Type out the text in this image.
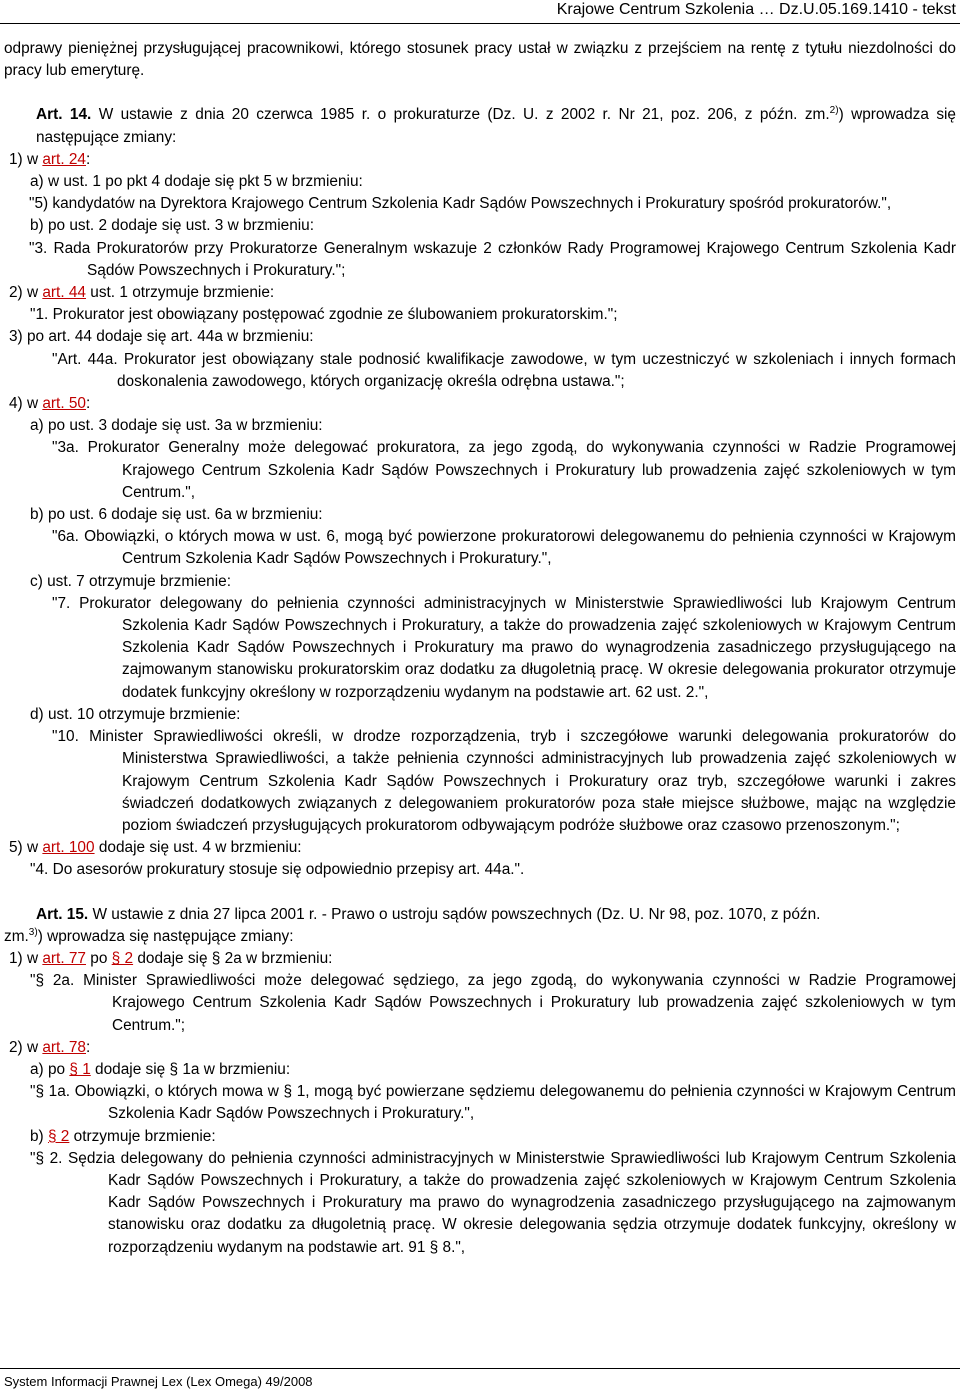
Krajowe Centrum Szkolenia … Dz.U.05.169.1410 - tekst

odprawy pieniężnej przysługującej pracownikowi, którego stosunek pracy ustał w związku z przejściem na rentę z tytułu niezdolności do pracy lub emeryturę.

Art. 14. W ustawie z dnia 20 czerwca 1985 r. o prokuraturze (Dz. U. z 2002 r. Nr 21, poz. 206, z późn. zm.$^{2)}$) wprowadza się następujące zmiany:

1) w art. 24:

a) w ust. 1 po pkt 4 dodaje się pkt 5 w brzmieniu:

"5) kandydatów na Dyrektora Krajowego Centrum Szkolenia Kadr Sądów Powszechnych i Prokuratury spośród prokuratorów.",

b) po ust. 2 dodaje się ust. 3 w brzmieniu:

"3. Rada Prokuratorów przy Prokuratorze Generalnym wskazuje 2 członków Rady Programowej Krajowego Centrum Szkolenia Kadr Sądów Powszechnych i Prokuratury.";

2) w art. 44 ust. 1 otrzymuje brzmienie:

"1. Prokurator jest obowiązany postępować zgodnie ze ślubowaniem prokuratorskim.";

3) po art. 44 dodaje się art. 44a w brzmieniu:

"Art. 44a. Prokurator jest obowiązany stale podnosić kwalifikacje zawodowe, w tym uczestniczyć w szkoleniach i innych formach doskonalenia zawodowego, których organizację określa odrębna ustawa.";

4) w art. 50:

a) po ust. 3 dodaje się ust. 3a w brzmieniu:

"3a. Prokurator Generalny może delegować prokuratora, za jego zgodą, do wykonywania czynności w Radzie Programowej Krajowego Centrum Szkolenia Kadr Sądów Powszechnych i Prokuratury lub prowadzenia zajęć szkoleniowych w tym Centrum.",

b) po ust. 6 dodaje się ust. 6a w brzmieniu:

"6a. Obowiązki, o których mowa w ust. 6, mogą być powierzone prokuratorowi delegowanemu do pełnienia czynności w Krajowym Centrum Szkolenia Kadr Sądów Powszechnych i Prokuratury.",

c) ust. 7 otrzymuje brzmienie:

"7. Prokurator delegowany do pełnienia czynności administracyjnych w Ministerstwie Sprawiedliwości lub Krajowym Centrum Szkolenia Kadr Sądów Powszechnych i Prokuratury, a także do prowadzenia zajęć szkoleniowych w Krajowym Centrum Szkolenia Kadr Sądów Powszechnych i Prokuratury ma prawo do wynagrodzenia zasadniczego przysługującego na zajmowanym stanowisku prokuratorskim oraz dodatku za długoletnią pracę. W okresie delegowania prokurator otrzymuje dodatek funkcyjny określony w rozporządzeniu wydanym na podstawie art. 62 ust. 2.",

d) ust. 10 otrzymuje brzmienie:

"10. Minister Sprawiedliwości określi, w drodze rozporządzenia, tryb i szczegółowe warunki delegowania prokuratorów do Ministerstwa Sprawiedliwości, a także pełnienia czynności administracyjnych lub prowadzenia zajęć szkoleniowych w Krajowym Centrum Szkolenia Kadr Sądów Powszechnych i Prokuratury oraz tryb, szczegółowe warunki i zakres świadczeń dodatkowych związanych z delegowaniem prokuratorów poza stałe miejsce służbowe, mając na względzie poziom świadczeń przysługujących prokuratorom odbywającym podróże służbowe oraz czasowo przenoszonym.";

5) w art. 100 dodaje się ust. 4 w brzmieniu:

"4. Do asesorów prokuratury stosuje się odpowiednio przepisy art. 44a.".

Art. 15. W ustawie z dnia 27 lipca 2001 r. - Prawo o ustroju sądów powszechnych (Dz. U. Nr 98, poz. 1070, z późn.

zm.$^{3)}$) wprowadza się następujące zmiany:

1) w art. 77 po § 2 dodaje się § 2a w brzmieniu:

"§ 2a. Minister Sprawiedliwości może delegować sędziego, za jego zgodą, do wykonywania czynności w Radzie Programowej Krajowego Centrum Szkolenia Kadr Sądów Powszechnych i Prokuratury lub prowadzenia zajęć szkoleniowych w tym Centrum.";

2) w art. 78:

a) po § 1 dodaje się § 1a w brzmieniu:

"§ 1a. Obowiązki, o których mowa w § 1, mogą być powierzane sędziemu delegowanemu do pełnienia czynności w Krajowym Centrum Szkolenia Kadr Sądów Powszechnych i Prokuratury.",

b) § 2 otrzymuje brzmienie:

"§ 2. Sędzia delegowany do pełnienia czynności administracyjnych w Ministerstwie Sprawiedliwości lub Krajowym Centrum Szkolenia Kadr Sądów Powszechnych i Prokuratury, a także do prowadzenia zajęć szkoleniowych w Krajowym Centrum Szkolenia Kadr Sądów Powszechnych i Prokuratury ma prawo do wynagrodzenia zasadniczego przysługującego na zajmowanym stanowisku oraz dodatku za długoletnią pracę. W okresie delegowania sędzia otrzymuje dodatek funkcyjny, określony w rozporządzeniu wydanym na podstawie art. 91 § 8.",

System Informacji Prawnej Lex (Lex Omega) 49/2008
